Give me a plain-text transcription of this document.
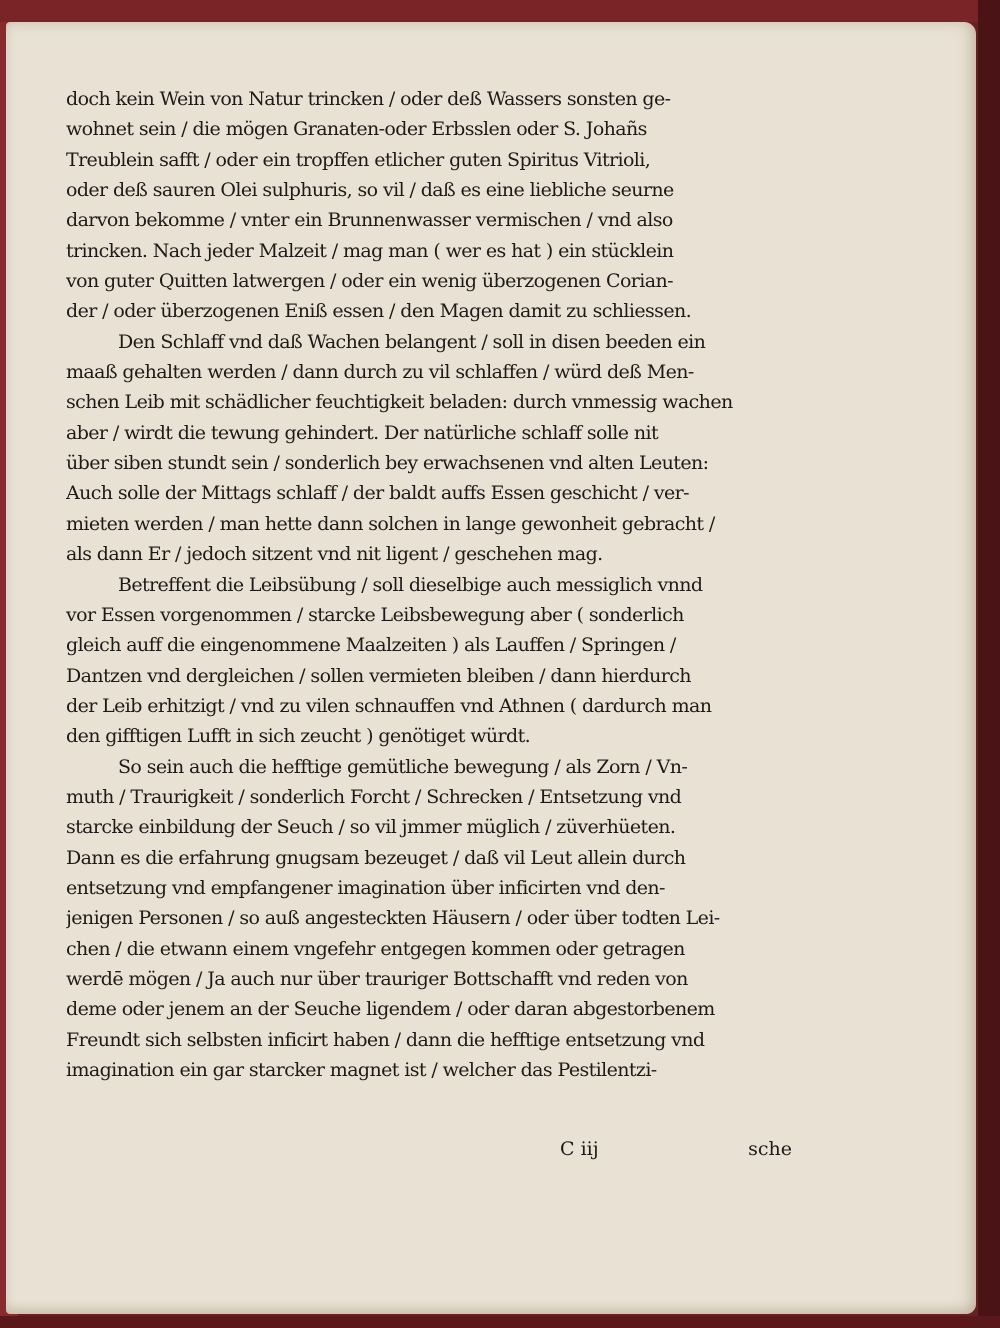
doch kein Wein von Natur trincken / oder deß Wassers sonsten ge-
wohnet sein / die mögen Granaten-oder Erbsslen oder S. Johañs
Treublein safft / oder ein tropffen etlicher guten Spiritus Vitrioli,
oder deß sauren Olei sulphuris, so vil / daß es eine liebliche seurne
darvon bekomme / vnter ein Brunnenwasser vermischen / vnd also
trincken. Nach jeder Malzeit / mag man ( wer es hat ) ein stücklein
von guter Quitten latwergen / oder ein wenig überzogenen Corian-
der / oder überzogenen Eniß essen / den Magen damit zu schliessen.
Den Schlaff vnd daß Wachen belangent / soll in disen beeden ein
maaß gehalten werden / dann durch zu vil schlaffen / würd deß Men-
schen Leib mit schädlicher feuchtigkeit beladen: durch vnmessig wachen
aber / wirdt die tewung gehindert. Der natürliche schlaff solle nit
über siben stundt sein / sonderlich bey erwachsenen vnd alten Leuten:
Auch solle der Mittags schlaff / der baldt auffs Essen geschicht / ver-
mieten werden / man hette dann solchen in lange gewonheit gebracht /
als dann Er / jedoch sitzent vnd nit ligent / geschehen mag.
Betreffent die Leibsübung / soll dieselbige auch messiglich vnnd
vor Essen vorgenommen / starcke Leibsbewegung aber ( sonderlich
gleich auff die eingenommene Maalzeiten ) als Lauffen / Springen /
Dantzen vnd dergleichen / sollen vermieten bleiben / dann hierdurch
der Leib erhitzigt / vnd zu vilen schnauffen vnd Athnen ( dardurch man
den gifftigen Lufft in sich zeucht ) genötiget würdt.
So sein auch die hefftige gemütliche bewegung / als Zorn / Vn-
muth / Traurigkeit / sonderlich Forcht / Schrecken / Entsetzung vnd
starcke einbildung der Seuch / so vil jmmer müglich / züverhüeten.
Dann es die erfahrung gnugsam bezeuget / daß vil Leut allein durch
entsetzung vnd empfangener imagination über inficirten vnd den-
jenigen Personen / so auß angesteckten Häusern / oder über todten Lei-
chen / die etwann einem vngefehr entgegen kommen oder getragen
werdē mögen / Ja auch nur über trauriger Bottschafft vnd reden von
deme oder jenem an der Seuche ligendem / oder daran abgestorbenem
Freundt sich selbsten inficirt haben / dann die hefftige entsetzung vnd
imagination ein gar starcker magnet ist / welcher das Pestilentzi-
C iij	sche
